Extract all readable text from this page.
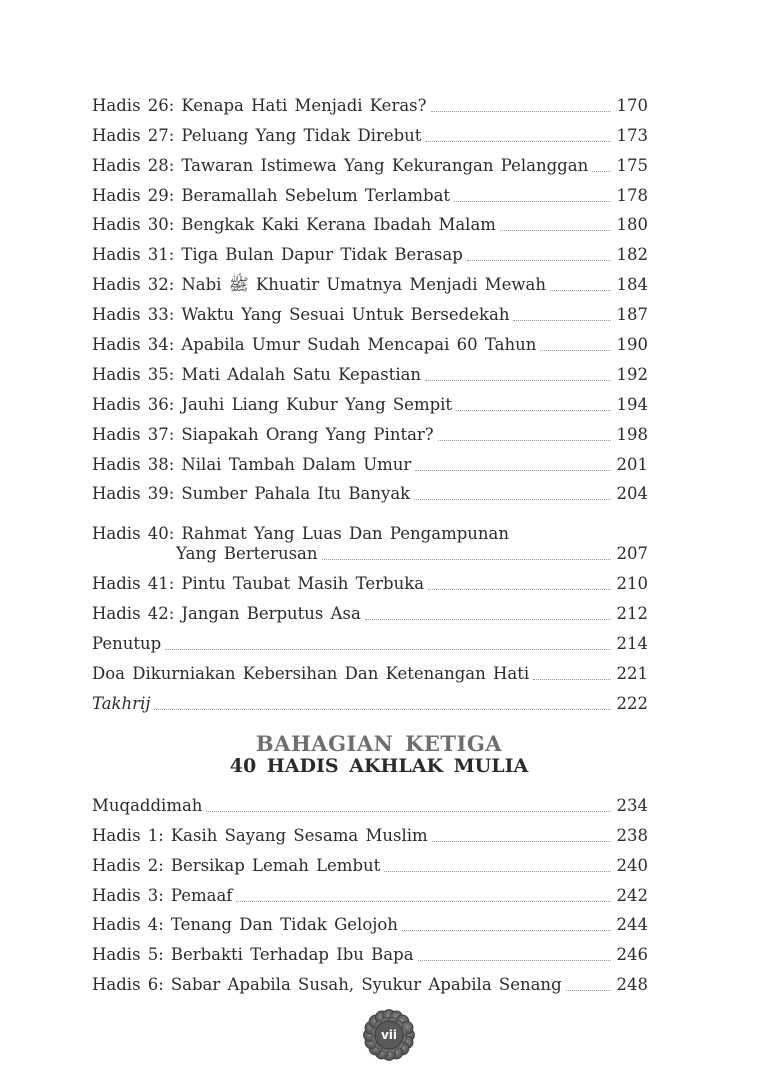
Hadis 26: Kenapa Hati Menjadi Keras?	170
Hadis 27: Peluang Yang Tidak Direbut	173
Hadis 28: Tawaran Istimewa Yang Kekurangan Pelanggan 175
Hadis 29: Beramallah Sebelum Terlambat	178
Hadis 30: Bengkak Kaki Kerana Ibadah Malam	180
Hadis 31: Tiga Bulan Dapur Tidak Berasap	182
Hadis 32: Nabi ﷺ Khuatir Umatnya Menjadi Mewah	184
Hadis 33: Waktu Yang Sesuai Untuk Bersedekah	187
Hadis 34: Apabila Umur Sudah Mencapai 60 Tahun	190
Hadis 35: Mati Adalah Satu Kepastian	192
Hadis 36: Jauhi Liang Kubur Yang Sempit	194
Hadis 37: Siapakah Orang Yang Pintar?	198
Hadis 38: Nilai Tambah Dalam Umur	201
Hadis 39: Sumber Pahala Itu Banyak	204
Hadis 40: Rahmat Yang Luas Dan Pengampunan
Yang Berterusan	207
Hadis 41: Pintu Taubat Masih Terbuka	210
Hadis 42: Jangan Berputus Asa	212
Penutup	214
Doa Dikurniakan Kebersihan Dan Ketenangan Hati	221
Takhrij	222
BAHAGIAN KETIGA
40 HADIS AKHLAK MULIA
Muqaddimah	234
Hadis 1: Kasih Sayang Sesama Muslim	238
Hadis 2: Bersikap Lemah Lembut	240
Hadis 3: Pemaaf	242
Hadis 4: Tenang Dan Tidak Gelojoh	244
Hadis 5: Berbakti Terhadap Ibu Bapa	246
Hadis 6: Sabar Apabila Susah, Syukur Apabila Senang	248
vii
